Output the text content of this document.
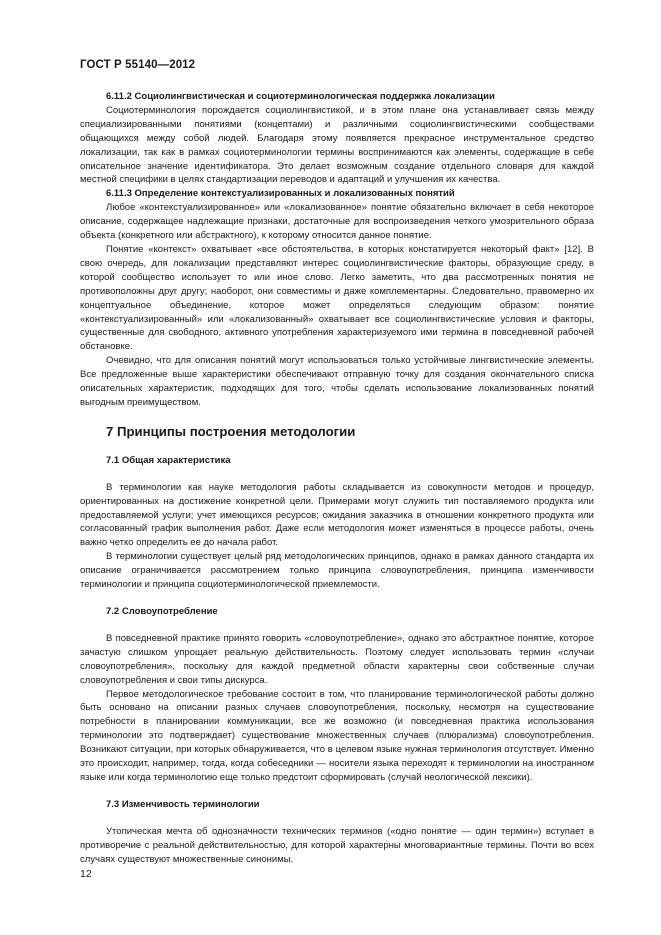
ГОСТ Р 55140—2012
6.11.2 Социолингвистическая и социотерминологическая поддержка локализации

Социотерминология порождается социолингвистикой, и в этом плане она устанавливает связь между специализированными понятиями (концептами) и различными социолингвистическими сообществами общающихся между собой людей. Благодаря этому появляется прекрасное инструментальное средство локализации, так как в рамках социотерминологии термины воспринимаются как элементы, содержащие в себе описательное значение идентификатора. Это делает возможным создание отдельного словаря для каждой местной специфики в целях стандартизации переводов и адаптаций и улучшения их качества.

6.11.3 Определение контекстуализированных и локализованных понятий

Любое «контекстуализированное» или «локализованное» понятие обязательно включает в себя некоторое описание, содержащее надлежащие признаки, достаточные для воспроизведения четкого умозрительного образа объекта (конкретного или абстрактного), к которому относится данное понятие.

Понятие «контекст» охватывает «все обстоятельства, в которых констатируется некоторый факт» [12]. В свою очередь, для локализации представляют интерес социолингвистические факторы, образующие среду, в которой сообщество использует то или иное слово. Легко заметить, что два рассмотренных понятия не противоположны друг другу; наоборот, они совместимы и даже комплементарны. Следовательно, правомерно их концептуальное объединение, которое может определяться следующим образом: понятие «контекстуализированный» или «локализованный» охватывает все социолингвистические условия и факторы, существенные для свободного, активного употребления характеризуемого ими термина в повседневной рабочей обстановке.

Очевидно, что для описания понятий могут использоваться только устойчивые лингвистические элементы. Все предложенные выше характеристики обеспечивают отправную точку для создания окончательного списка описательных характеристик, подходящих для того, чтобы сделать использование локализованных понятий выгодным преимуществом.

7 Принципы построения методологии
7.1 Общая характеристика

В терминологии как науке методология работы складывается из совокупности методов и процедур, ориентированных на достижение конкретной цели. Примерами могут служить тип поставляемого продукта или предоставляемой услуги; учет имеющихся ресурсов; ожидания заказчика в отношении конкретного продукта или согласованный график выполнения работ. Даже если методология может изменяться в процессе работы, очень важно четко определить ее до начала работ.

В терминологии существует целый ряд методологических принципов, однако в рамках данного стандарта их описание ограничивается рассмотрением только принципа словоупотребления, принципа изменчивости терминологии и принципа социотерминологической приемлемости.

7.2 Словоупотребление

В повседневной практике принято говорить «словоупотребление», однако это абстрактное понятие, которое зачастую слишком упрощает реальную действительность. Поэтому следует использовать термин «случаи словоупотребления», поскольку для каждой предметной области характерны свои собственные случаи словоупотребления и свои типы дискурса.

Первое методологическое требование состоит в том, что планирование терминологической работы должно быть основано на описании разных случаев словоупотребления, поскольку, несмотря на существование потребности в планировании коммуникации, все же возможно (и повседневная практика использования терминологии это подтверждает) существование множественных случаев (плюрализма) словоупотребления. Возникают ситуации, при которых обнаруживается, что в целевом языке нужная терминология отсутствует. Именно это происходит, например, тогда, когда собеседники — носители языка переходят к терминологии на иностранном языке или когда терминологию еще только предстоит сформировать (случай неологической лексики).

7.3 Изменчивость терминологии

Утопическая мечта об однозначности технических терминов («одно понятие — один термин») вступает в противоречие с реальной действительностью, для которой характерны многовариантные термины. Почти во всех случаях существуют множественные синонимы.

12
